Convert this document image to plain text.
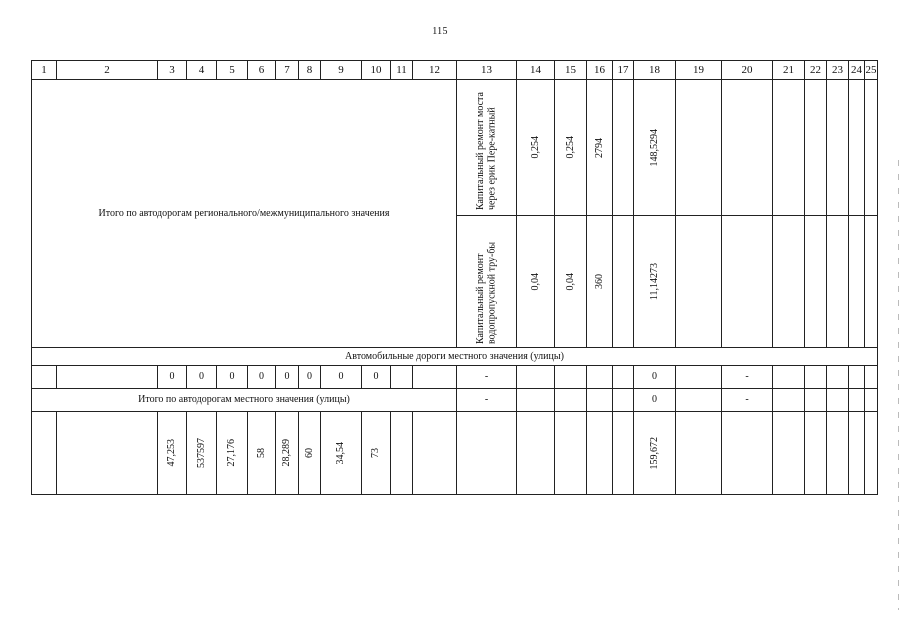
115
1	2	3	4	5	6	7	8	9	10	11	12	13	14	15	16	17	18	19	20	21	22	23	24	25
Итого по автодорогам регионального/межмуниципального значения												Капитальный ремонт моста через ерик Пере-катный	0,254	0,254	2794		148,5294							

												Капитальный ремонт водопропускной тру-бы	0,04	0,04	360		11,14273							

Автомобильные дороги местного значения (улицы)																								
		0	0	0	0	0	0	0	0			-					0		-					
Итого по автодорогам местного значения (улицы)												-					0		-					

		47,253	537597	27,176	58	28,289	60	34,54	73								159,672							
